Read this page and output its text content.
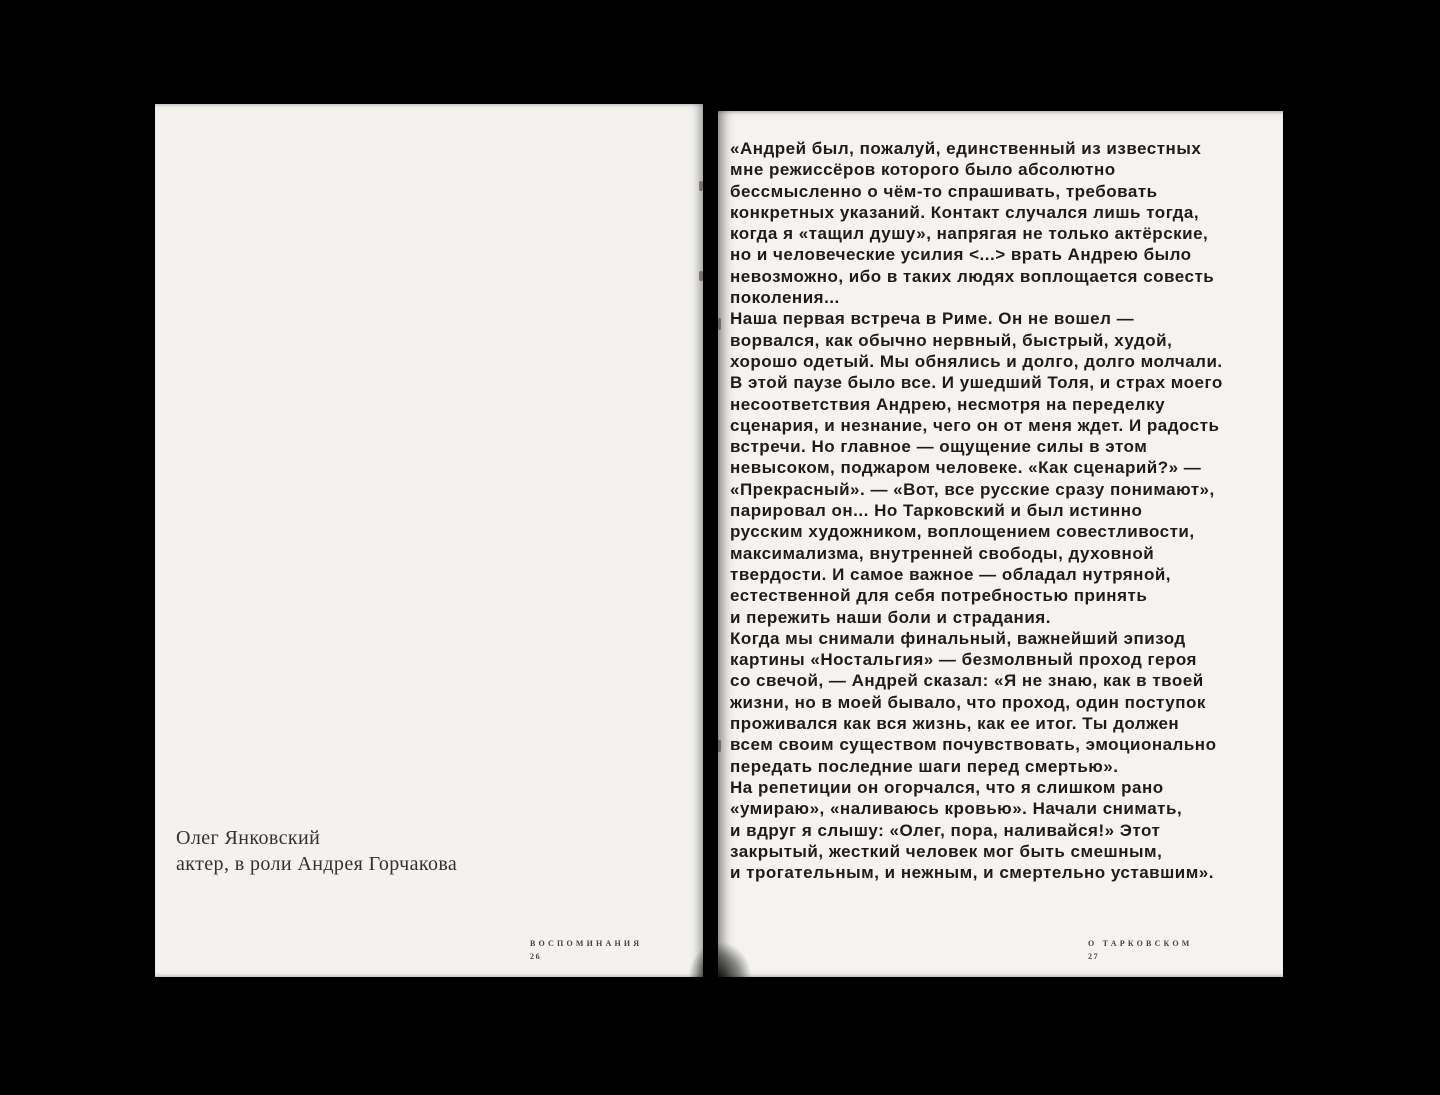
Олег Янковский
актер, в роли Андрея Горчакова
ВОСПОМИНАНИЯ
26
«Андрей был, пожалуй, единственный из известных
мне режиссёров которого было абсолютно
бессмысленно о чём-то спрашивать, требовать
конкретных указаний. Контакт случался лишь тогда,
когда я «тащил душу», напрягая не только актёрские,
но и человеческие усилия <...> врать Андрею было
невозможно, ибо в таких людях воплощается совесть
поколения...
Наша первая встреча в Риме. Он не вошел —
ворвался, как обычно нервный, быстрый, худой,
хорошо одетый. Мы обнялись и долго, долго молчали.
В этой паузе было все. И ушедший Толя, и страх моего
несоответствия Андрею, несмотря на переделку
сценария, и незнание, чего он от меня ждет. И радость
встречи. Но главное — ощущение силы в этом
невысоком, поджаром человеке. «Как сценарий?» —
«Прекрасный». — «Вот, все русские сразу понимают»,
парировал он... Но Тарковский и был истинно
русским художником, воплощением совестливости,
максимализма, внутренней свободы, духовной
твердости. И самое важное — обладал нутряной,
естественной для себя потребностью принять
и пережить наши боли и страдания.
Когда мы снимали финальный, важнейший эпизод
картины «Ностальгия» — безмолвный проход героя
со свечой, — Андрей сказал: «Я не знаю, как в твоей
жизни, но в моей бывало, что проход, один поступок
проживался как вся жизнь, как ее итог. Ты должен
всем своим существом почувствовать, эмоционально
передать последние шаги перед смертью».
На репетиции он огорчался, что я слишком рано
«умираю», «наливаюсь кровью». Начали снимать,
и вдруг я слышу: «Олег, пора, наливайся!» Этот
закрытый, жесткий человек мог быть смешным,
и трогательным, и нежным, и смертельно уставшим».
О ТАРКОВСКОМ
27
